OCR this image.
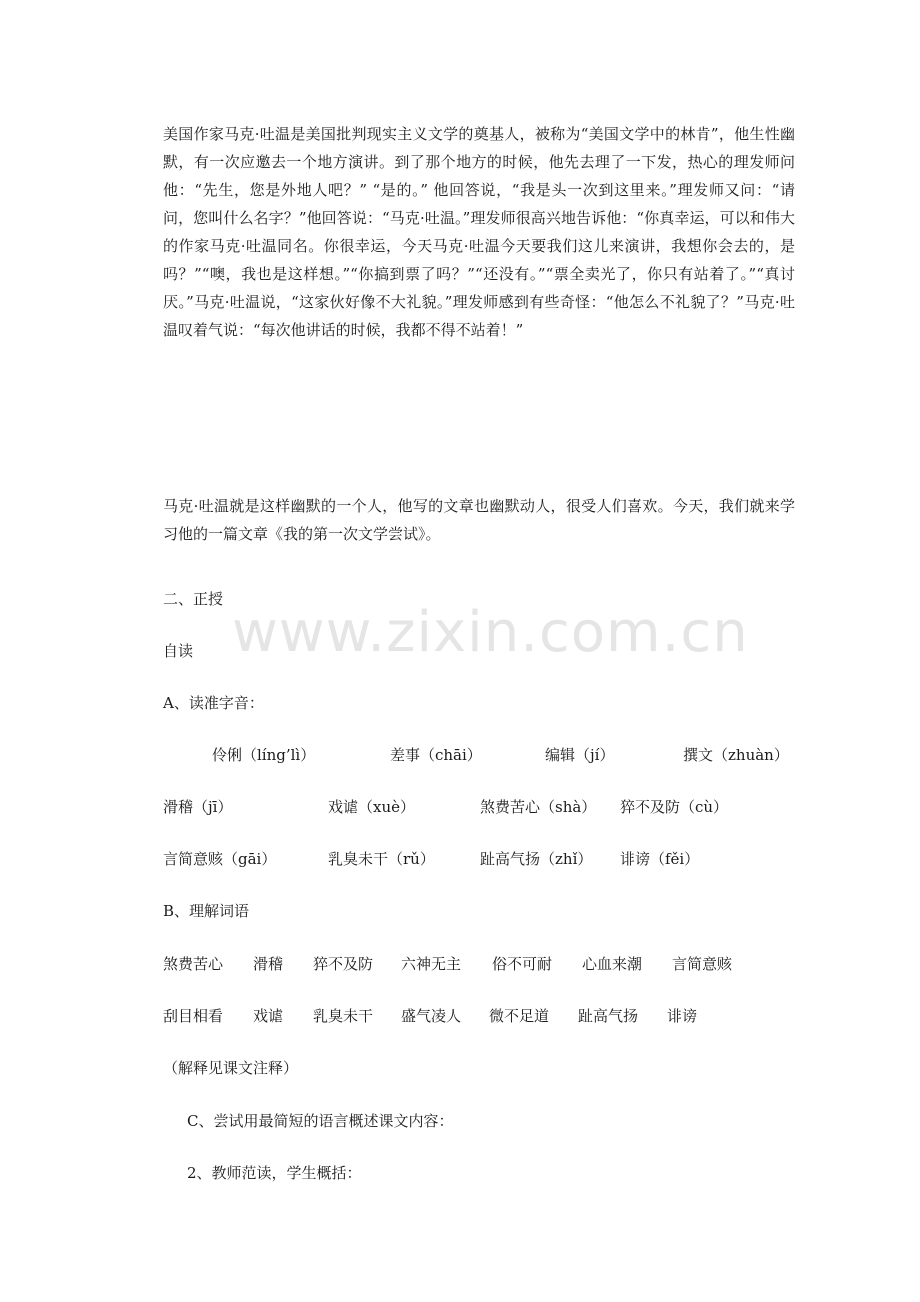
美国作家马克·吐温是美国批判现实主义文学的奠基人，被称为“美国文学中的林肯”，他生性幽默，有一次应邀去一个地方演讲。到了那个地方的时候，他先去理了一下发，热心的理发师问他：“先生，您是外地人吧？” “是的。” 他回答说，“我是头一次到这里来。”理发师又问：“请问，您叫什么名字？”他回答说：“马克·吐温。”理发师很高兴地告诉他：“你真幸运，可以和伟大的作家马克·吐温同名。你很幸运，今天马克·吐温今天要我们这儿来演讲，我想你会去的，是吗？”“噢，我也是这样想。”“你搞到票了吗？”“还没有。”“票全卖光了，你只有站着了。”“真讨厌。”马克·吐温说，“这家伙好像不大礼貌。”理发师感到有些奇怪：“他怎么不礼貌了？”马克·吐温叹着气说：“每次他讲话的时候，我都不得不站着！”

马克·吐温就是这样幽默的一个人，他写的文章也幽默动人，很受人们喜欢。今天，我们就来学习他的一篇文章《我的第一次文学尝试》。

二、正授

自读

A、读准字音：

伶俐（líng’lì）	差事（chāi）	编辑（jí）	撰文（zhuàn）
滑稽（jī）	戏谑（xuè）	煞费苦心（shà） 猝不及防（cù）
言简意赅（gāi）	乳臭未干（rǔ）	趾高气扬（zhǐ） 诽谤（fěi）

B、理解词语

煞费苦心 滑稽 猝不及防 六神无主 俗不可耐 心血来潮 言简意赅
刮目相看 戏谑 乳臭未干 盛气凌人 微不足道 趾高气扬 诽谤

（解释见课文注释）

C、尝试用最简短的语言概述课文内容：

2、教师范读，学生概括：

www.zixin.com.cn
